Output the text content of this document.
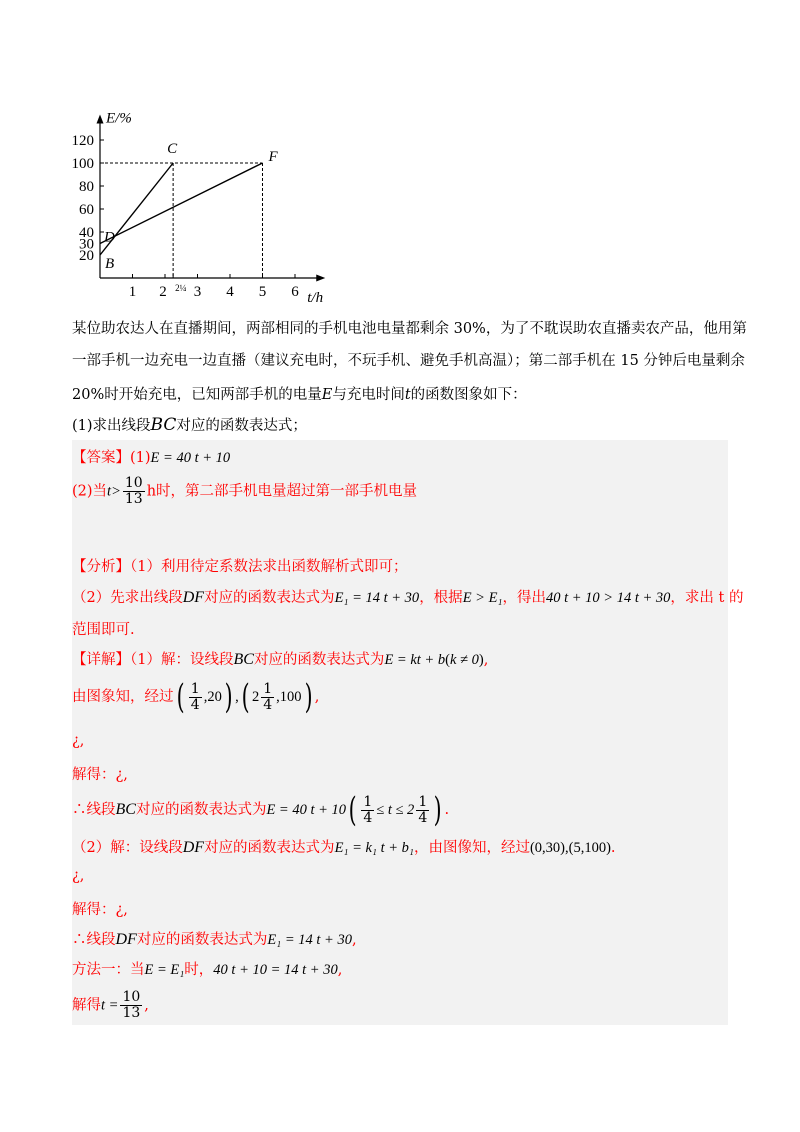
120
100
80
60
40
30
20
1 2 2¼ 3 4 5 6
B
D
C	F
E/%
t/h
某位助农达人在直播期间，两部相同的手机电池电量都剩余 30%，为了不耽误助农直播卖农产品，他用第
一部手机一边充电一边直播（建议充电时，不玩手机、避免手机高温）；第二部手机在 15 分钟后电量剩余
20%时开始充电，已知两部手机的电量E与充电时间t的函数图象如下：
(1)求出线段BC对应的函数表达式；
【答案】(1)E = 40 t + 10
(2)当$t> \frac{10}{13}$ h时，第二部手机电量超过第一部手机电量
【分析】（1）利用待定系数法求出函数解析式即可；
（2）先求出线段DF对应的函数表达式为E₁ = 14 t + 30，根据E > E₁，得出40 t + 10 > 14 t + 30，求出 t 的
范围即可.
【详解】（1）解：设线段BC对应的函数表达式为E = kt + b(k ≠ 0),
由图象知，经过( $\frac{1}{4} ,20$) ,( $2 \frac{1}{4} ,100$) ,
¿,
解得：¿,
∴线段BC对应的函数表达式为E = 40 $t + 10( \frac{1}{4} \le t \le 2 \frac{1}{4}$ ) .
（2）解：设线段DF对应的函数表达式为E₁ = k₁ t + b₁，由图像知，经过(0,30),(5,100).
¿,
解得：¿,
∴线段DF对应的函数表达式为E₁ = 14 t + 30,
方法一：当E = E₁时，40 t + 10 = 14 t + 30,
解得$t = \frac{10}{13}$ ,
